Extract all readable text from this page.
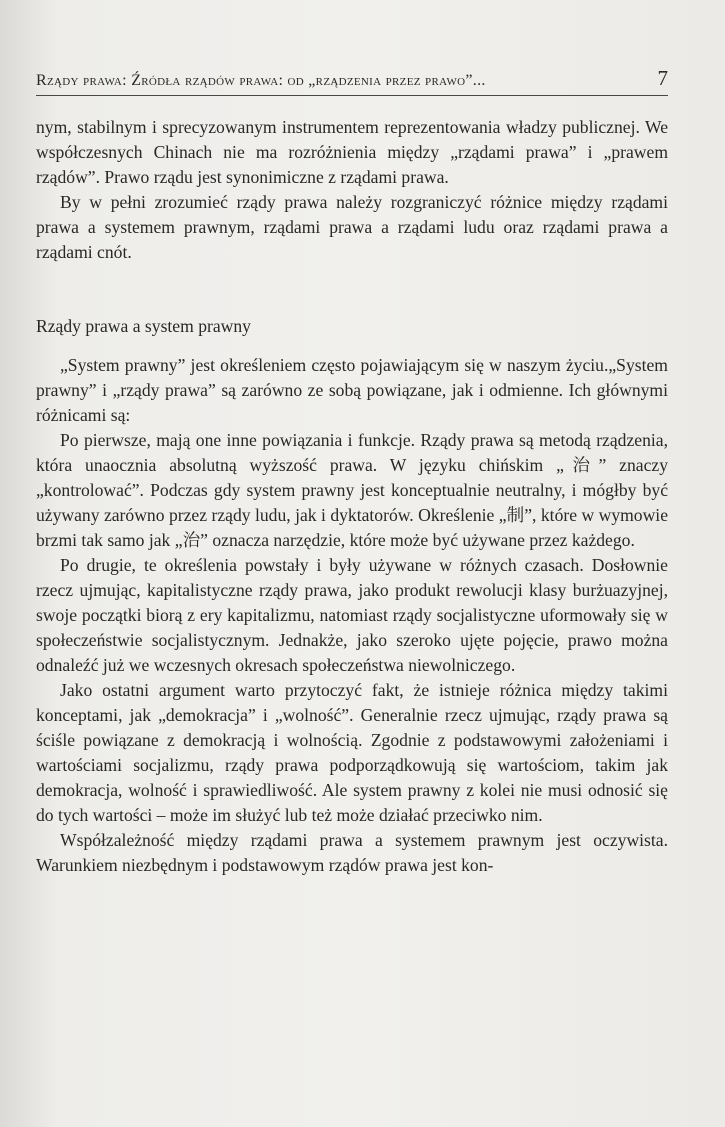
Rządy prawa: Źródła rządów prawa: od „rządzenia przez prawo”...	7

nym, stabilnym i sprecyzowanym instrumentem reprezentowania władzy publicznej. We współczesnych Chinach nie ma rozróżnienia między „rządami prawa” i „prawem rządów”. Prawo rządu jest synonimiczne z rządami prawa.

By w pełni zrozumieć rządy prawa należy rozgraniczyć różnice między rządami prawa a systemem prawnym, rządami prawa a rządami ludu oraz rządami prawa a rządami cnót.

Rządy prawa a system prawny

„System prawny” jest określeniem często pojawiającym się w naszym życiu.„System prawny” i „rządy prawa” są zarówno ze sobą powiązane, jak i odmienne. Ich głównymi różnicami są:

Po pierwsze, mają one inne powiązania i funkcje. Rządy prawa są metodą rządzenia, która unaocznia absolutną wyższość prawa. W języku chińskim „治” znaczy „kontrolować”. Podczas gdy system prawny jest konceptualnie neutralny, i mógłby być używany zarówno przez rządy ludu, jak i dyktatorów. Określenie „制”, które w wymowie brzmi tak samo jak „治” oznacza narzędzie, które może być używane przez każdego.

Po drugie, te określenia powstały i były używane w różnych czasach. Dosłownie rzecz ujmując, kapitalistyczne rządy prawa, jako produkt rewolucji klasy burżuazyjnej, swoje początki biorą z ery kapitalizmu, natomiast rządy socjalistyczne uformowały się w społeczeństwie socjalistycznym. Jednakże, jako szeroko ujęte pojęcie, prawo można odnaleźć już we wczesnych okresach społeczeństwa niewolniczego.

Jako ostatni argument warto przytoczyć fakt, że istnieje różnica między takimi konceptami, jak „demokracja” i „wolność”. Generalnie rzecz ujmując, rządy prawa są ściśle powiązane z demokracją i wolnością. Zgodnie z podstawowymi założeniami i wartościami socjalizmu, rządy prawa podporządkowują się wartościom, takim jak demokracja, wolność i sprawiedliwość. Ale system prawny z kolei nie musi odnosić się do tych wartości – może im służyć lub też może działać przeciwko nim.

Współzależność między rządami prawa a systemem prawnym jest oczywista. Warunkiem niezbędnym i podstawowym rządów prawa jest kon-
